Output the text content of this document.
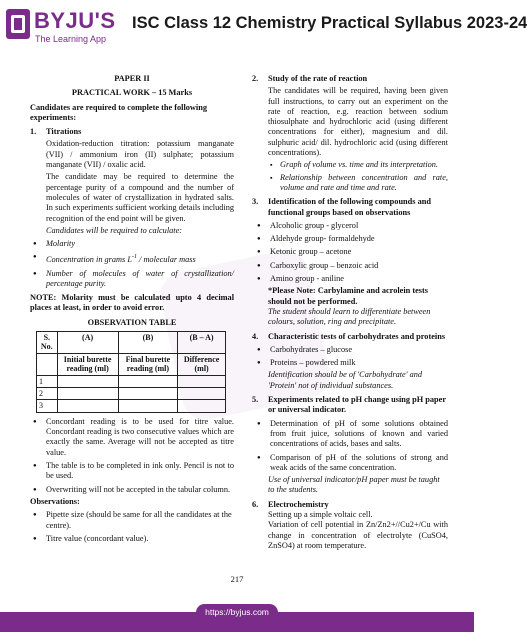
BYJU'S
The Learning App
ISC Class 12 Chemistry Practical Syllabus 2023-24
PAPER II
PRACTICAL WORK – 15 Marks
Candidates are required to complete the following experiments:
1.	Titrations

Oxidation-reduction titration: potassium manganate (VII) / ammonium iron (II) sulphate; potassium manganate (VII) / oxalic acid.

The candidate may be required to determine the percentage purity of a compound and the number of molecules of water of crystallization in hydrated salts. In such experiments sufficient working details including recognition of the end point will be given.

Candidates will be required to calculate:

● Molarity
● Concentration in grams $L^{-1}$ / molecular mass
● Number of molecules of water of crystallization/ percentage purity.

NOTE: Molarity must be calculated upto 4 decimal places at least, in order to avoid error.

OBSERVATION TABLE
S. No.	(A)	(B)	(B – A)
	Initial burette reading (ml)	Final burette reading (ml)	Difference (ml)
1			
2			
3			
● Concordant reading is to be used for titre value. Concordant reading is two consecutive values which are exactly the same. Average will not be accepted as titre value.
● The table is to be completed in ink only. Pencil is not to be used.
● Overwriting will not be accepted in the tabular column.
Observations:
● Pipette size (should be same for all the candidates at the centre).
● Titre value (concordant value).
2.	Study of the rate of reaction

The candidates will be required, having been given full instructions, to carry out an experiment on the rate of reaction, e.g. reaction between sodium thiosulphate and hydrochloric acid (using different concentrations for either), magnesium and dil. sulphuric acid/ dil. hydrochloric acid (using different concentrations).

▪ Graph of volume vs. time and its interpretation.
▪ Relationship between concentration and rate, volume and rate and time and rate.
3.	Identification of the following compounds and functional groups based on observations
● Alcoholic group - glycerol
● Aldehyde group- formaldehyde
● Ketonic group – acetone
● Carboxylic group – benzoic acid
● Amino group - aniline

*Please Note: Carbylamine and acrolein tests should not be performed.

The student should learn to differentiate between colours, solution, ring and precipitate.

4.	Characteristic tests of carbohydrates and proteins
● Carbohydrates – glucose
● Proteins – powdered milk

Identification should be of 'Carbohydrate' and 'Protein' not of individual substances.

5.	Experiments related to pH change using pH paper or universal indicator.
● Determination of pH of some solutions obtained from fruit juice, solutions of known and varied concentrations of acids, bases and salts.
● Comparison of pH of the solutions of strong and weak acids of the same concentration.

Use of universal indicator/pH paper must be taught to the students.

6.	Electrochemistry

Setting up a simple voltaic cell.

Variation of cell potential in Zn/Zn2+//Cu2+/Cu with change in concentration of electrolyte (CuSO4, ZnSO4) at room temperature.

217
https://byjus.com
